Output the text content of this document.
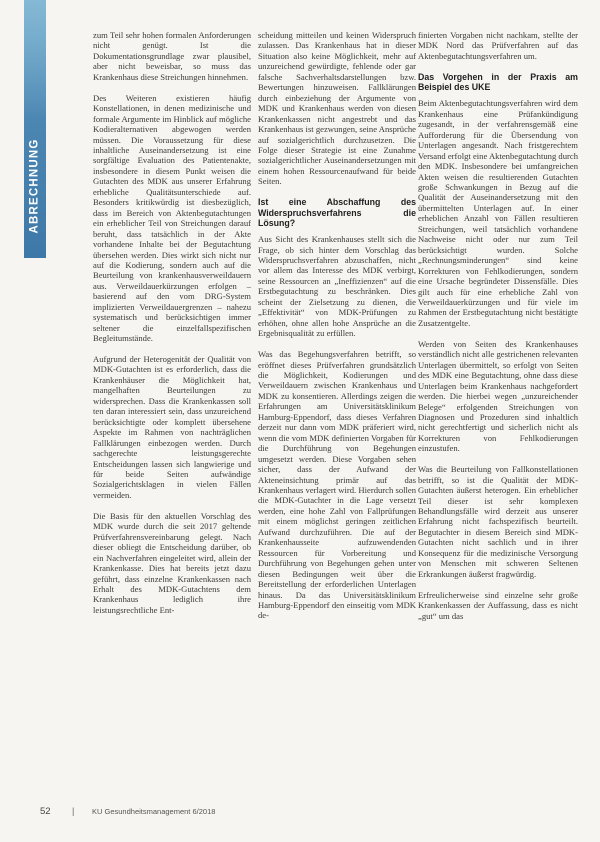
ABRECHNUNG

zum Teil sehr hohen formalen Anforderungen nicht genügt. Ist die Dokumentationsgrundlage zwar plausibel, aber nicht beweisbar, so muss das Krankenhaus diese Streichungen hinnehmen.

Des Weiteren existieren häufig Konstellationen, in denen medizinische und formale Argumente im Hinblick auf mögliche Kodieralternativen abgewogen werden müssen. Die Voraussetzung für diese inhaltliche Auseinandersetzung ist eine sorgfältige Evaluation des Patientenakte, insbesondere in diesem Punkt weisen die Gutachten des MDK aus unserer Erfahrung erhebliche Qualitätsunterschiede auf. Besonders kritikwürdig ist diesbezüglich, dass im Bereich von Aktenbegutachtungen ein erheblicher Teil von Streichungen darauf beruht, dass tatsächlich in der Akte vorhandene Inhalte bei der Begutachtung übersehen werden. Dies wirkt sich nicht nur auf die Kodierung, sondern auch auf die Beurteilung von krankenhausverweildauern aus. Verweildauerkürzungen erfolgen – basierend auf den vom DRG-System implizierten Verweildauergrenzen – nahezu systematisch und berücksichtigen immer seltener die einzelfallspezifischen Begleitumstände.

Aufgrund der Heterogenität der Qualität von MDK-Gutachten ist es erforderlich, dass die Krankenhäuser die Möglichkeit hat, mangelhaften Beurteilungen zu widersprechen. Dass die Krankenkassen soll ten daran interessiert sein, dass unzureichend berücksichtigte oder komplett übersehene Aspekte im Rahmen von nachträglichen Fallklärungen einbezogen werden. Durch sachgerechte leistungsgerechte Entscheidungen lassen sich langwierige und für beide Seiten aufwändige Sozialgerichtsklagen in vielen Fällen vermeiden.

Die Basis für den aktuellen Vorschlag des MDK wurde durch die seit 2017 geltende Prüfverfahrensvereinbarung gelegt. Nach dieser obliegt die Entscheidung darüber, ob ein Nachverfahren eingeleitet wird, allein der Krankenkasse. Dies hat bereits jetzt dazu geführt, dass einzelne Krankenkassen nach Erhalt des MDK-Gutachtens dem Krankenhaus lediglich ihre leistungsrechtliche Ent-

scheidung mitteilen und keinen Widerspruch zulassen. Das Krankenhaus hat in dieser Situation also keine Möglichkeit, mehr auf unzureichend gewürdigte, fehlende oder gar falsche Sachverhaltsdarstellungen bzw. Bewertungen hinzuweisen. Fallklärungen durch einbeziehung der Argumente von MDK und Krankenhaus werden von diesen Krankenkassen nicht angestrebt und das Krankenhaus ist gezwungen, seine Ansprüche auf sozialgerichtlich durchzusetzen. Die Folge dieser Strategie ist eine Zunahme sozialgerichtlicher Auseinandersetzungen mit einem hohen Ressourcenaufwand für beide Seiten.

Ist eine Abschaffung des Widerspruchsverfahrens die Lösung?

Aus Sicht des Krankenhauses stellt sich die Frage, ob sich hinter dem Vorschlag das Widerspruchsverfahren abzuschaffen, nicht vor allem das Interesse des MDK verbirgt, seine Ressourcen an „Ineffizienzen“ auf die Erstbegutachtung zu beschränken. Dies scheint der Zielsetzung zu dienen, die „Effektivität“ von MDK-Prüfungen zu erhöhen, ohne allen hohe Ansprüche an die Ergebnisqualität zu erfüllen.

Was das Begehungsverfahren betrifft, so eröffnet dieses Prüfverfahren grundsätzlich die Möglichkeit, Kodierungen und Verweildauern zwischen Krankenhaus und MDK zu konsentieren. Allerdings zeigen die Erfahrungen am Universitätsklinikum Hamburg-Eppendorf, dass dieses Verfahren derzeit nur dann vom MDK präferiert wird, wenn die vom MDK definierten Vorgaben für die Durchführung von Begehungen umgesetzt werden. Diese Vorgaben sehen sicher, dass der Aufwand der Akteneinsichtung primär auf das Krankenhaus verlagert wird. Hierdurch sollen die MDK-Gutachter in die Lage versetzt werden, eine hohe Zahl von Fallprüfungen mit einem möglichst geringen zeitlichen Aufwand durchzuführen. Die auf der Krankenhausseite aufzuwendenden Ressourcen für Vorbereitung und Durchführung von Begehungen gehen unter diesen Bedingungen weit über die Bereitstellung der erforderlichen Unterlagen hinaus. Da das Universitätsklinikum Hamburg-Eppendorf den einseitig vom MDK de-

finierten Vorgaben nicht nachkam, stellte der MDK Nord das Prüfverfahren auf das Aktenbegutachtungsverfahren um.

Das Vorgehen in der Praxis am Beispiel des UKE

Beim Aktenbegutachtungsverfahren wird dem Krankenhaus eine Prüfankündigung zugesandt, in der verfahrensgemäß eine Aufforderung für die Übersendung von Unterlagen angesandt. Nach fristgerechtem Versand erfolgt eine Aktenbegutachtung durch den MDK. Insbesondere bei umfangreichen Akten weisen die resultierenden Gutachten große Schwankungen in Bezug auf die Qualität der Auseinandersetzung mit den übermittelten Unterlagen auf. In einer erheblichen Anzahl von Fällen resultieren Streichungen, weil tatsächlich vorhandene Nachweise nicht oder nur zum Teil berücksichtigt wurden. Solche „Rechnungsminderungen“ sind keine Korrekturen von Fehlkodierungen, sondern eine Ursache begründeter Dissensfälle. Dies gilt auch für eine erhebliche Zahl von Verweildauerkürzungen und für viele im Rahmen der Erstbegutachtung nicht bestätigte Zusatzentgelte.

Werden von Seiten des Krankenhauses verständlich nicht alle gestrichenen relevanten Unterlagen übermittelt, so erfolgt von Seiten des MDK eine Begutachtung, ohne dass diese Unterlagen beim Krankenhaus nachgefordert werden. Die hierbei wegen „unzureichender Belege“ erfolgenden Streichungen von Diagnosen und Prozeduren sind inhaltlich nicht gerechtfertigt und sicherlich nicht als Korrekturen von Fehlkodierungen einzustufen.

Was die Beurteilung von Fallkonstellationen betrifft, so ist die Qualität der MDK-Gutachten äußerst heterogen. Ein erheblicher Teil dieser ist sehr komplexen Behandlungsfälle wird derzeit aus unserer Erfahrung nicht fachspezifisch beurteilt. Begutachter in diesem Bereich sind MDK-Gutachten nicht sachlich und in ihrer Konsequenz für die medizinische Versorgung von Menschen mit schweren Seltenen Erkrankungen äußerst fragwürdig.

Erfreulicherweise sind einzelne sehr große Krankenkassen der Auffassung, dass es nicht „gut“ um das

52 | KU Gesundheitsmanagement 6/2018
